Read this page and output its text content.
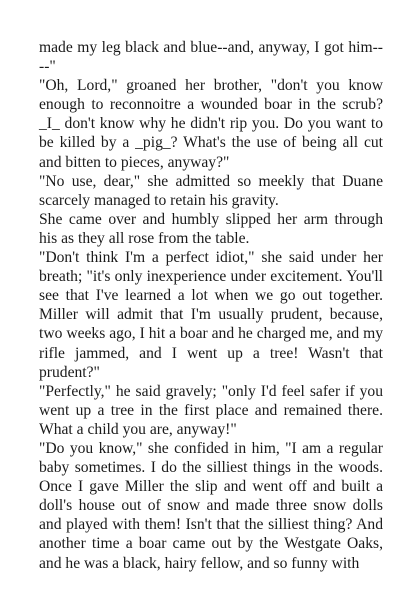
made my leg black and blue--and, anyway, I got him----"

"Oh, Lord," groaned her brother, "don't you know enough to reconnoitre a wounded boar in the scrub? _I_ don't know why he didn't rip you. Do you want to be killed by a _pig_? What's the use of being all cut and bitten to pieces, anyway?"

"No use, dear," she admitted so meekly that Duane scarcely managed to retain his gravity.

She came over and humbly slipped her arm through his as they all rose from the table.

"Don't think I'm a perfect idiot," she said under her breath; "it's only inexperience under excitement. You'll see that I've learned a lot when we go out together. Miller will admit that I'm usually prudent, because, two weeks ago, I hit a boar and he charged me, and my rifle jammed, and I went up a tree! Wasn't that prudent?"

"Perfectly," he said gravely; "only I'd feel safer if you went up a tree in the first place and remained there. What a child you are, anyway!"

"Do you know," she confided in him, "I am a regular baby sometimes. I do the silliest things in the woods. Once I gave Miller the slip and went off and built a doll's house out of snow and made three snow dolls and played with them! Isn't that the silliest thing? And another time a boar came out by the Westgate Oaks, and he was a black, hairy fellow, and so funny with
